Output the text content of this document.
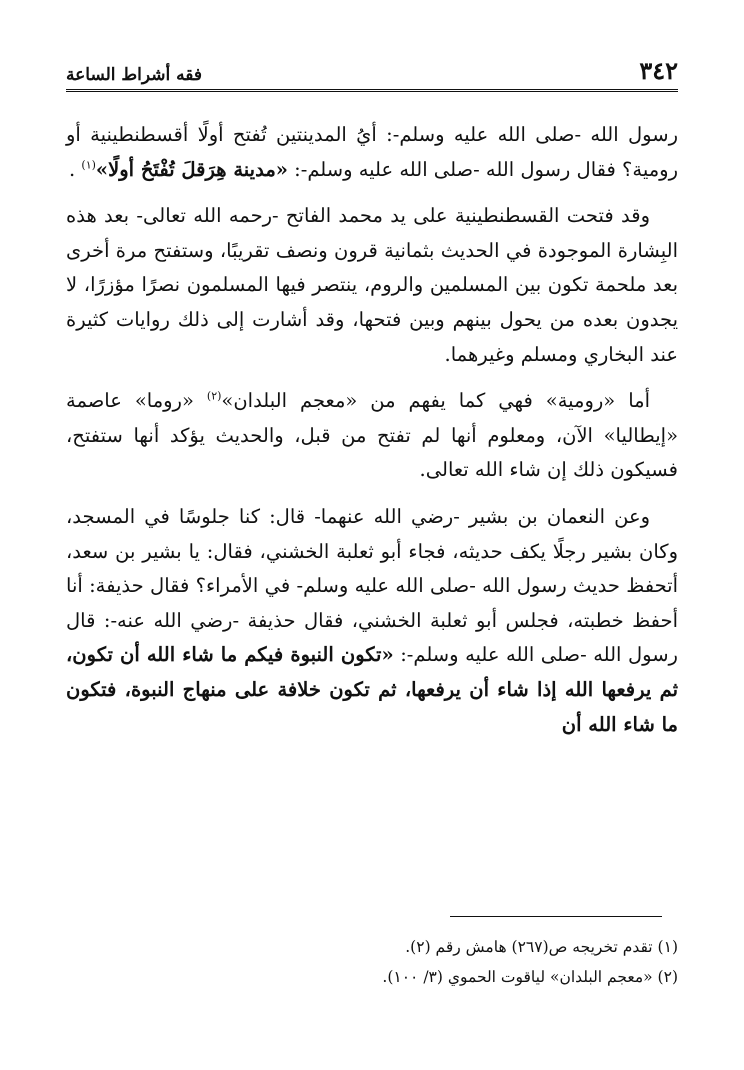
٣٤٢
فقه أشراط الساعة

رسول الله -صلى الله عليه وسلم-: أيُ المدينتين تُفتح أولًا أقسطنطينية أو رومية؟ فقال رسول الله -صلى الله عليه وسلم-: «مدينة هِرَقلَ تُفْتَحُ أولًا»$^{(١)}$ .

وقد فتحت القسطنطينية على يد محمد الفاتح -رحمه الله تعالى- بعد هذه البِشارة الموجودة في الحديث بثمانية قرون ونصف تقريبًا، وستفتح مرة أخرى بعد ملحمة تكون بين المسلمين والروم، ينتصر فيها المسلمون نصرًا مؤزرًا، لا يجدون بعده من يحول بينهم وبين فتحها، وقد أشارت إلى ذلك روايات كثيرة عند البخاري ومسلم وغيرهما.

أما «رومية» فهي كما يفهم من «معجم البلدان»$^{(٢)}$ «روما» عاصمة «إيطاليا» الآن، ومعلوم أنها لم تفتح من قبل، والحديث يؤكد أنها ستفتح، فسيكون ذلك إن شاء الله تعالى.

وعن النعمان بن بشير -رضي الله عنهما- قال: كنا جلوسًا في المسجد، وكان بشير رجلًا يكف حديثه، فجاء أبو ثعلبة الخشني، فقال: يا بشير بن سعد، أتحفظ حديث رسول الله -صلى الله عليه وسلم- في الأمراء؟ فقال حذيفة: أنا أحفظ خطبته، فجلس أبو ثعلبة الخشني، فقال حذيفة -رضي الله عنه-: قال رسول الله -صلى الله عليه وسلم-: «تكون النبوة فيكم ما شاء الله أن تكون، ثم يرفعها الله إذا شاء أن يرفعها، ثم تكون خلافة على منهاج النبوة، فتكون ما شاء الله أن

(١) تقدم تخريجه ص(٢٦٧) هامش رقم (٢).

(٢) «معجم البلدان» لياقوت الحموي (٣/ ١٠٠).
